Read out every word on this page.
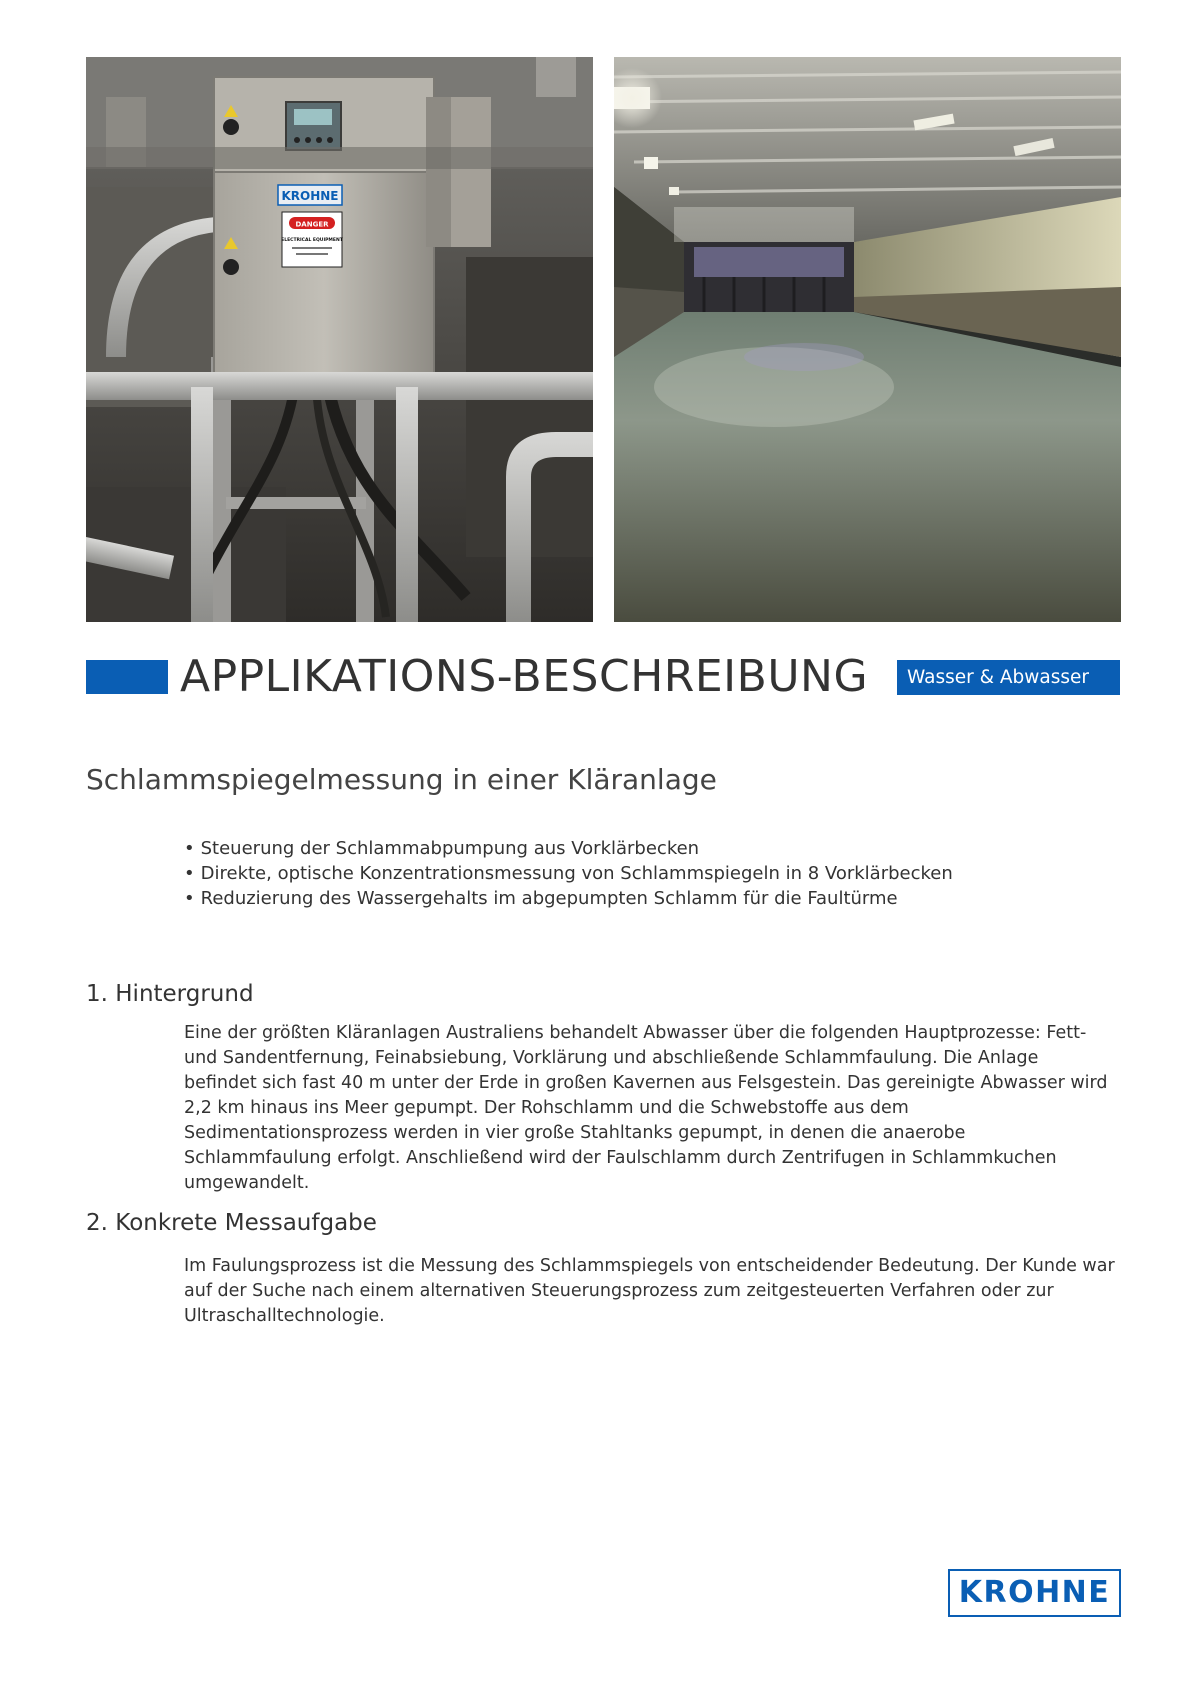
KROHNE
DANGER
ELECTRICAL EQUIPMENT
APPLIKATIONS-BESCHREIBUNG	Wasser & Abwasser
Schlammspiegelmessung in einer Kläranlage
• Steuerung der Schlammabpumpung aus Vorklärbecken
• Direkte, optische Konzentrationsmessung von Schlammspiegeln in 8 Vorklärbecken
• Reduzierung des Wassergehalts im abgepumpten Schlamm für die Faultürme
1. Hintergrund
Eine der größten Kläranlagen Australiens behandelt Abwasser über die folgenden Hauptprozesse: Fett- und Sandentfernung, Feinabsiebung, Vorklärung und abschließende Schlammfaulung. Die Anlage befindet sich fast 40 m unter der Erde in großen Kavernen aus Felsgestein. Das gereinigte Abwasser wird 2,2 km hinaus ins Meer gepumpt. Der Rohschlamm und die Schwebstoffe aus dem Sedimentationsprozess werden in vier große Stahltanks gepumpt, in denen die anaerobe Schlammfaulung erfolgt. Anschließend wird der Faulschlamm durch Zentrifugen in Schlammkuchen umgewandelt.
2. Konkrete Messaufgabe
Im Faulungsprozess ist die Messung des Schlammspiegels von entscheidender Bedeutung. Der Kunde war auf der Suche nach einem alternativen Steuerungsprozess zum zeitgesteuerten Verfahren oder zur Ultraschalltechnologie.
KROHNE
